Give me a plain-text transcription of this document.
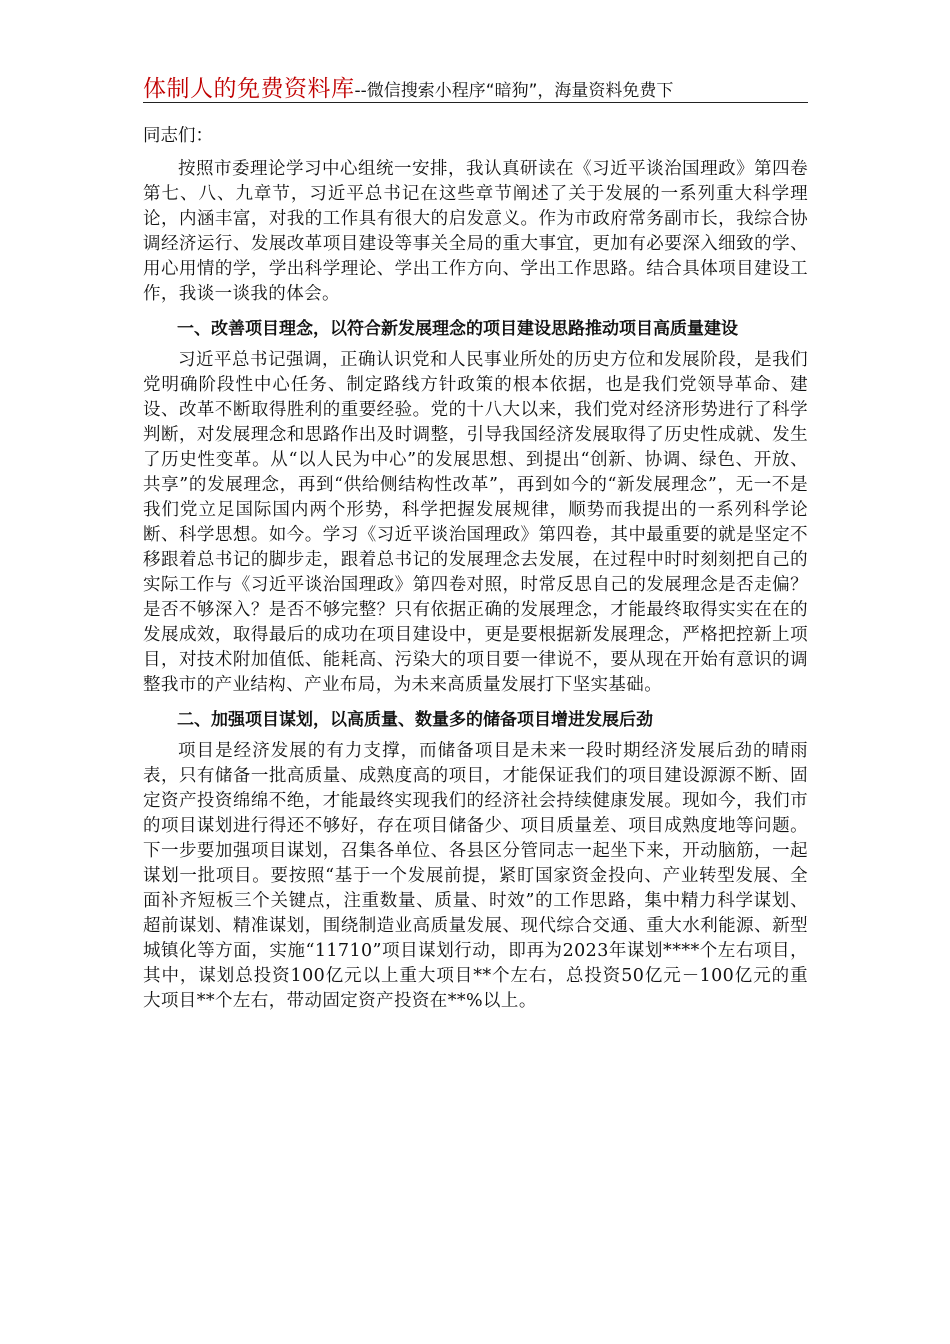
体制人的免费资料库--微信搜索小程序“暗狗”，海量资料免费下

同志们：

按照市委理论学习中心组统一安排，我认真研读在《习近平谈治国理政》第四卷第七、八、九章节，习近平总书记在这些章节阐述了关于发展的一系列重大科学理论，内涵丰富，对我的工作具有很大的启发意义。作为市政府常务副市长，我综合协调经济运行、发展改革项目建设等事关全局的重大事宜，更加有必要深入细致的学、用心用情的学，学出科学理论、学出工作方向、学出工作思路。结合具体项目建设工作，我谈一谈我的体会。

一、改善项目理念，以符合新发展理念的项目建设思路推动项目高质量建设

习近平总书记强调，正确认识党和人民事业所处的历史方位和发展阶段，是我们党明确阶段性中心任务、制定路线方针政策的根本依据，也是我们党领导革命、建设、改革不断取得胜利的重要经验。党的十八大以来，我们党对经济形势进行了科学判断，对发展理念和思路作出及时调整，引导我国经济发展取得了历史性成就、发生了历史性变革。从“以人民为中心”的发展思想、到提出“创新、协调、绿色、开放、共享”的发展理念，再到“供给侧结构性改革”，再到如今的“新发展理念”，无一不是我们党立足国际国内两个形势，科学把握发展规律，顺势而我提出的一系列科学论断、科学思想。如今。学习《习近平谈治国理政》第四卷，其中最重要的就是坚定不移跟着总书记的脚步走，跟着总书记的发展理念去发展，在过程中时时刻刻把自己的实际工作与《习近平谈治国理政》第四卷对照，时常反思自己的发展理念是否走偏？是否不够深入？是否不够完整？只有依据正确的发展理念，才能最终取得实实在在的发展成效，取得最后的成功在项目建设中，更是要根据新发展理念，严格把控新上项目，对技术附加值低、能耗高、污染大的项目要一律说不，要从现在开始有意识的调整我市的产业结构、产业布局，为未来高质量发展打下坚实基础。

二、加强项目谋划，以高质量、数量多的储备项目增进发展后劲

项目是经济发展的有力支撑，而储备项目是未来一段时期经济发展后劲的晴雨表，只有储备一批高质量、成熟度高的项目，才能保证我们的项目建设源源不断、固定资产投资绵绵不绝，才能最终实现我们的经济社会持续健康发展。现如今，我们市的项目谋划进行得还不够好，存在项目储备少、项目质量差、项目成熟度地等问题。下一步要加强项目谋划，召集各单位、各县区分管同志一起坐下来，开动脑筋，一起谋划一批项目。要按照“基于一个发展前提，紧盯国家资金投向、产业转型发展、全面补齐短板三个关键点，注重数量、质量、时效”的工作思路，集中精力科学谋划、超前谋划、精准谋划，围绕制造业高质量发展、现代综合交通、重大水利能源、新型城镇化等方面，实施“11710”项目谋划行动，即再为2023年谋划****个左右项目，其中，谋划总投资100亿元以上重大项目**个左右，总投资50亿元－100亿元的重大项目**个左右，带动固定资产投资在**%以上。
